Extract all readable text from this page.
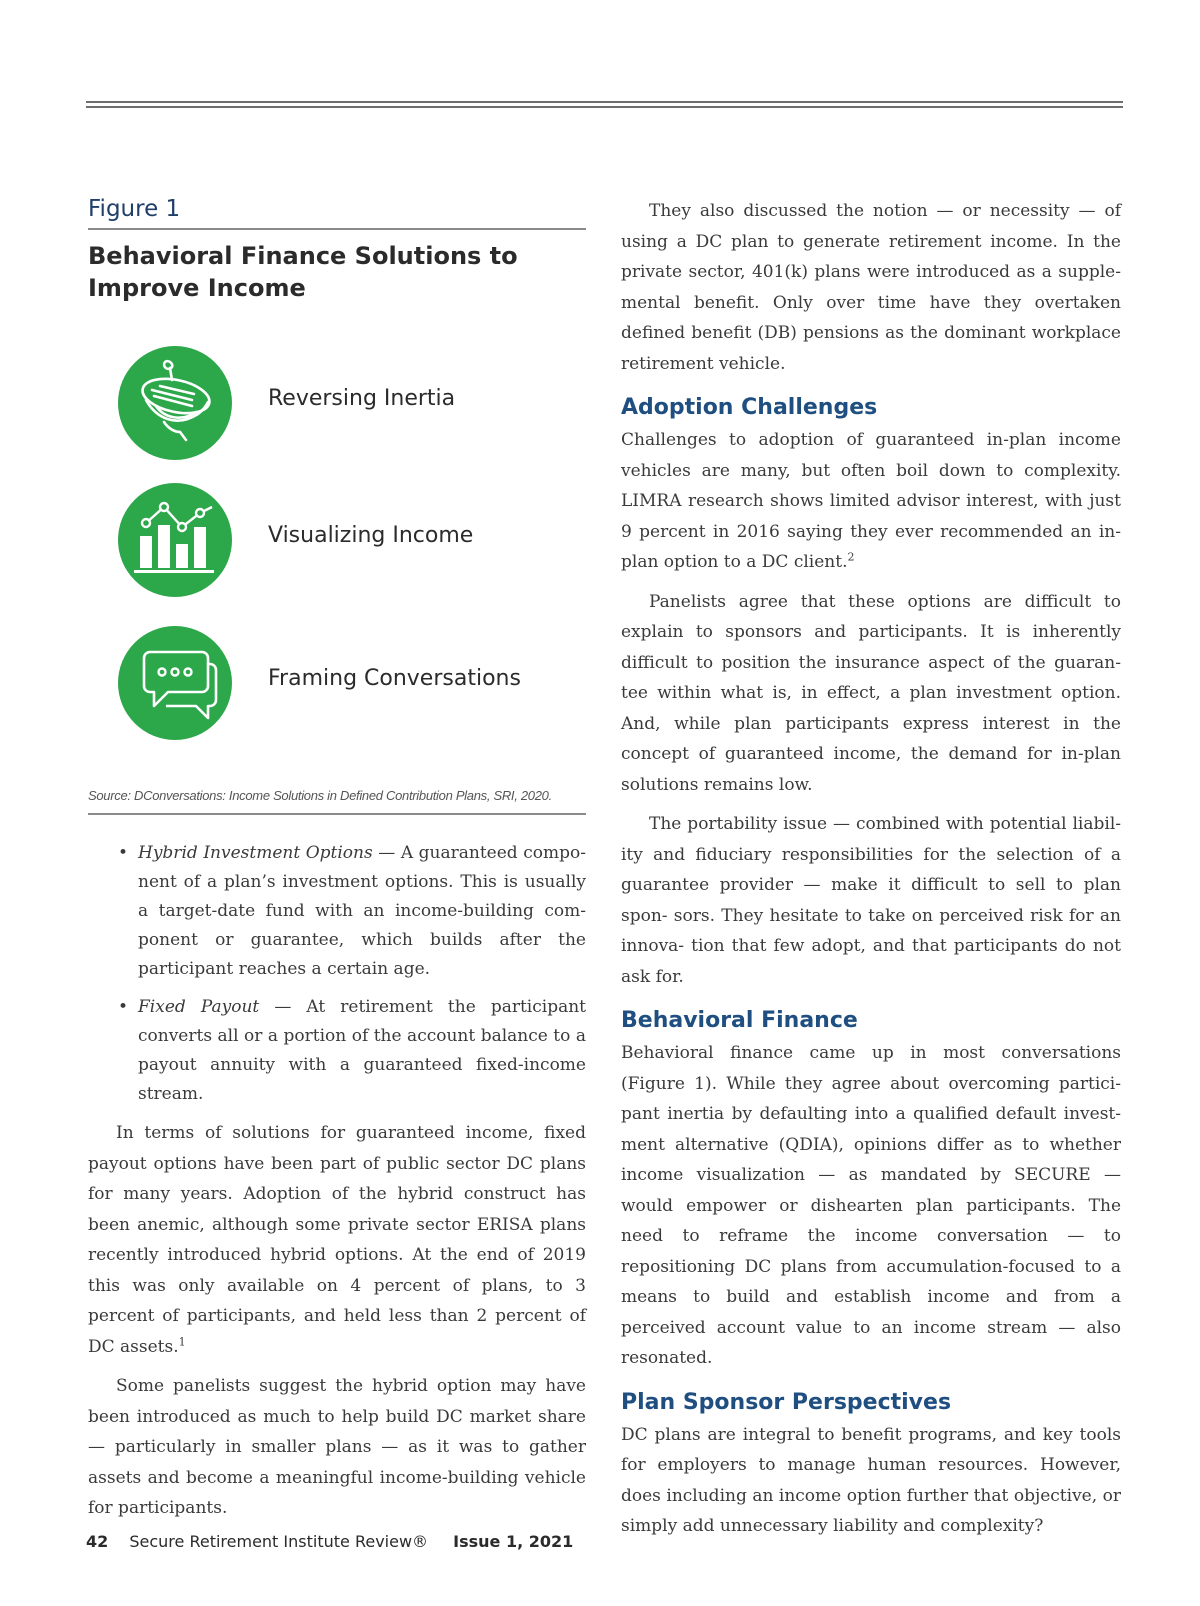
Figure 1
Behavioral Finance Solutions to Improve Income
Reversing Inertia
Visualizing Income
Framing Conversations
Source: DConversations: Income Solutions in Defined Contribution Plans, SRI, 2020.
• Hybrid Investment Options — A guaranteed compo- nent of a plan’s investment options. This is usually a target-date fund with an income-building com- ponent or guarantee, which builds after the participant reaches a certain age.
• Fixed Payout — At retirement the participant converts all or a portion of the account balance to a payout annuity with a guaranteed fixed-income stream.

In terms of solutions for guaranteed income, fixed payout options have been part of public sector DC plans for many years. Adoption of the hybrid construct has been anemic, although some private sector ERISA plans recently introduced hybrid options. At the end of 2019 this was only available on 4 percent of plans, to 3 percent of participants, and held less than 2 percent of DC assets.$^1$

Some panelists suggest the hybrid option may have been introduced as much to help build DC market share — particularly in smaller plans — as it was to gather assets and become a meaningful income-building vehicle for participants.

They also discussed the notion — or necessity — of using a DC plan to generate retirement income. In the private sector, 401(k) plans were introduced as a supple- mental benefit. Only over time have they overtaken defined benefit (DB) pensions as the dominant workplace retirement vehicle.

Adoption Challenges

Challenges to adoption of guaranteed in-plan income vehicles are many, but often boil down to complexity. LIMRA research shows limited advisor interest, with just 9 percent in 2016 saying they ever recommended an in- plan option to a DC client.$^2$

Panelists agree that these options are difficult to explain to sponsors and participants. It is inherently difficult to position the insurance aspect of the guaran- tee within what is, in effect, a plan investment option. And, while plan participants express interest in the concept of guaranteed income, the demand for in-plan solutions remains low.

The portability issue — combined with potential liabil- ity and fiduciary responsibilities for the selection of a guarantee provider — make it difficult to sell to plan spon- sors. They hesitate to take on perceived risk for an innova- tion that few adopt, and that participants do not ask for.

Behavioral Finance

Behavioral finance came up in most conversations (Figure 1). While they agree about overcoming partici- pant inertia by defaulting into a qualified default invest- ment alternative (QDIA), opinions differ as to whether income visualization — as mandated by SECURE — would empower or dishearten plan participants. The need to reframe the income conversation — to repositioning DC plans from accumulation-focused to a means to build and establish income and from a perceived account value to an income stream — also resonated.

Plan Sponsor Perspectives

DC plans are integral to benefit programs, and key tools for employers to manage human resources. However, does including an income option further that objective, or simply add unnecessary liability and complexity?

42 Secure Retirement Institute Review® Issue 1, 2021
